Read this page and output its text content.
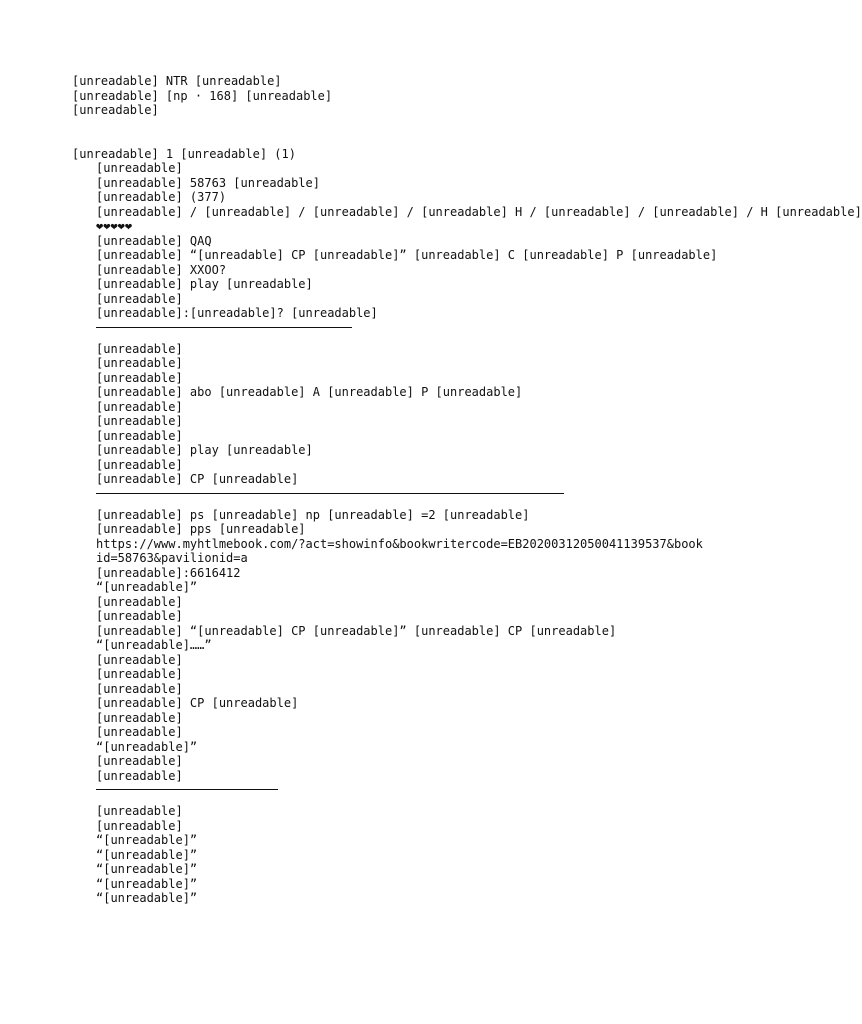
[unreadable] NTR [unreadable]
[unreadable] [np · 168] [unreadable]
[unreadable]
[unreadable] 1 [unreadable] (1)
[unreadable]
[unreadable] 58763 [unreadable]
[unreadable] (377)
[unreadable] / [unreadable] / [unreadable] / [unreadable] H / [unreadable] / [unreadable] / H [unreadable]
❤❤❤❤❤
[unreadable] QAQ
[unreadable] “[unreadable] CP [unreadable]” [unreadable] C [unreadable] P [unreadable]
[unreadable] XXOO?
[unreadable] play [unreadable]
[unreadable]
[unreadable]:[unreadable]? [unreadable]
[unreadable]
[unreadable]
[unreadable]
[unreadable] abo [unreadable] A [unreadable] P [unreadable]
[unreadable]
[unreadable]
[unreadable]
[unreadable] play [unreadable]
[unreadable]
[unreadable] CP [unreadable]
[unreadable] ps [unreadable] np [unreadable] =2 [unreadable]
[unreadable] pps [unreadable]
https://www.myhtlmebook.com/?act=showinfo&bookwritercode=EB20200312050041139537&bookid=58763&pavilionid=a
[unreadable]:6616412
“[unreadable]”
[unreadable]
[unreadable]
[unreadable] “[unreadable] CP [unreadable]” [unreadable] CP [unreadable]
“[unreadable]……”
[unreadable]
[unreadable]
[unreadable]
[unreadable] CP [unreadable]
[unreadable]
[unreadable]
“[unreadable]”
[unreadable]
[unreadable]
[unreadable]
[unreadable]
“[unreadable]”
“[unreadable]”
“[unreadable]”
“[unreadable]”
“[unreadable]”
